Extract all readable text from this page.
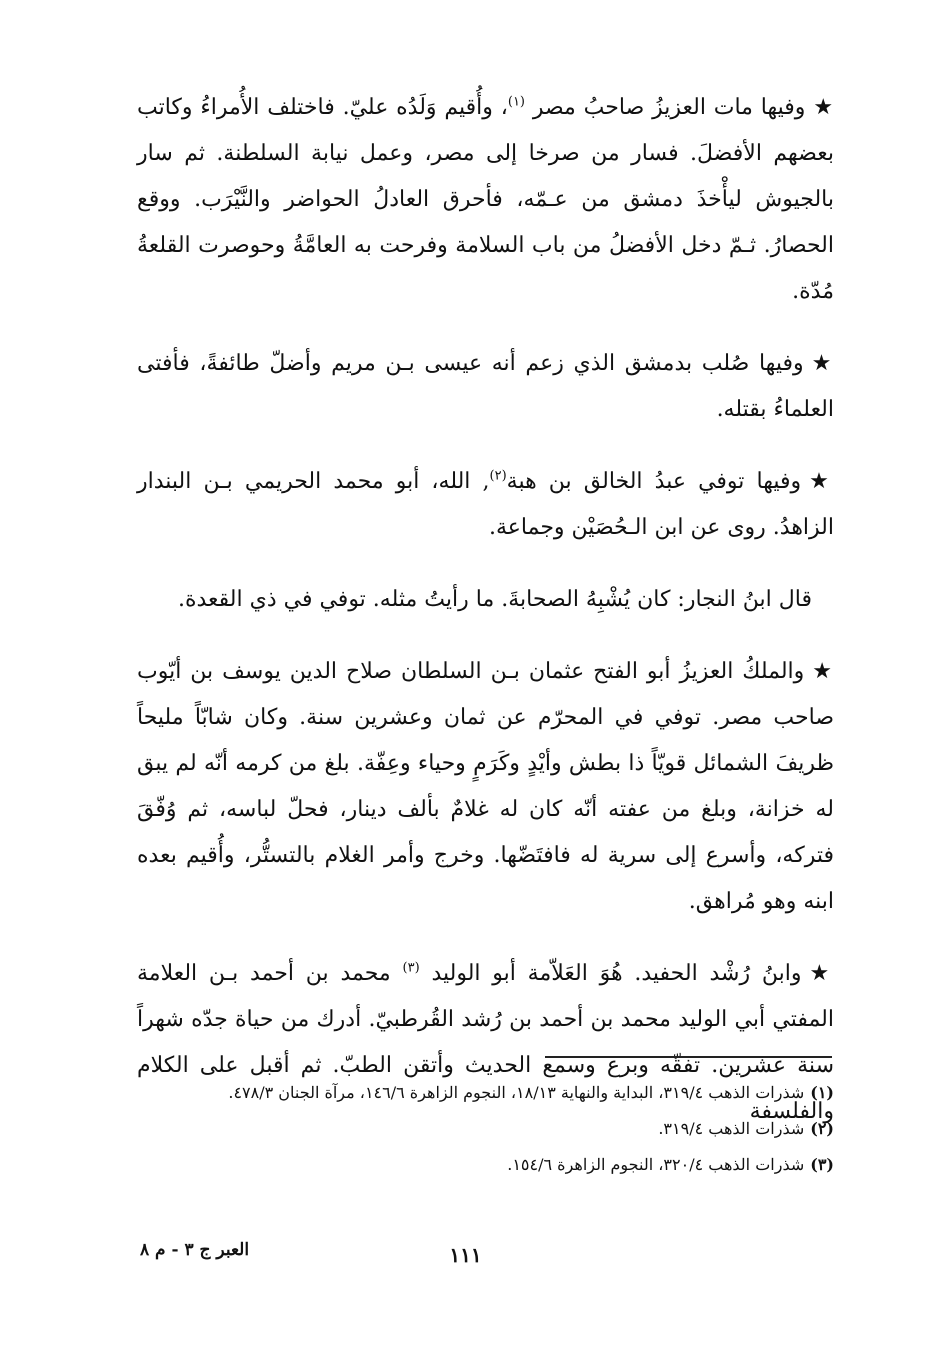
★وفيها مات العزيزُ صاحبُ مصر $^{(١)}$، وأُقيم وَلَدُه عليّ. فاختلف الأُمراءُ وكاتب بعضهم الأفضلَ. فسار من صرخا إلى مصر، وعمل نيابة السلطنة. ثم سار بالجيوش ليأْخذَ دمشق من عـمّه، فأحرق العادلُ الحواضر والنَّيْرَب. ووقع الحصارُ. ثـمّ دخل الأفضلُ من باب السلامة وفرحت به العامَّةُ وحوصرت القلعةُ مُدّة.

★وفيها صُلب بدمشق الذي زعم أنه عيسى بـن مريم وأضلّ طائفةً، فأفتى العلماءُ بقتله.

★وفيها توفي عبدُ الخالق بن هبة$^{(٢)}$, الله، أبو محمد الحريمي بـن البندار الزاهدُ. روى عن ابن الـحُصَيْن وجماعة.

قال ابنُ النجار: كان يُشْبِهُ الصحابةَ. ما رأيتُ مثله. توفي في ذي القعدة.

★والملكُ العزيزُ أبو الفتح عثمان بـن السلطان صلاح الدين يوسف بن أيّوب صاحب مصر. توفي في المحرّم عن ثمان وعشرين سنة. وكان شابّاً مليحاً ظريفَ الشمائل قويّاً ذا بطش وأيْدٍ وكَرَمٍ وحياء وعِفّة. بلغ من كرمه أنّه لم يبق له خزانة، وبلغ من عفته أنّه كان له غلامٌ بألف دينار، فحلّ لباسه، ثم وُفّقَ فتركه، وأسرع إلى سرية له فافتَضّها. وخرج وأمر الغلام بالتستُّر، وأُقيم بعده ابنه وهو مُراهق.

★وابنُ رُشْد الحفيد. هُوَ العَلاّمة أبو الوليد $^{(٣)}$ محمد بن أحمد بـن العلامة المفتي أبي الوليد محمد بن أحمد بن رُشد القُرطبيّ. أدرك من حياة جدّه شهراً سنة عشرين. تفقّه وبرع وسمع الحديث وأتقن الطبّ. ثم أقبل على الكلام والفلسفة

(١)شذرات الذهب ٣١٩/٤، البداية والنهاية ١٨/١٣، النجوم الزاهرة ١٤٦/٦، مرآة الجنان ٤٧٨/٣.

(٢)شذرات الذهب ٣١٩/٤.

(٣)شذرات الذهب ٣٢٠/٤، النجوم الزاهرة ١٥٤/٦.

١١١
العبر ج ٣ - م ٨
